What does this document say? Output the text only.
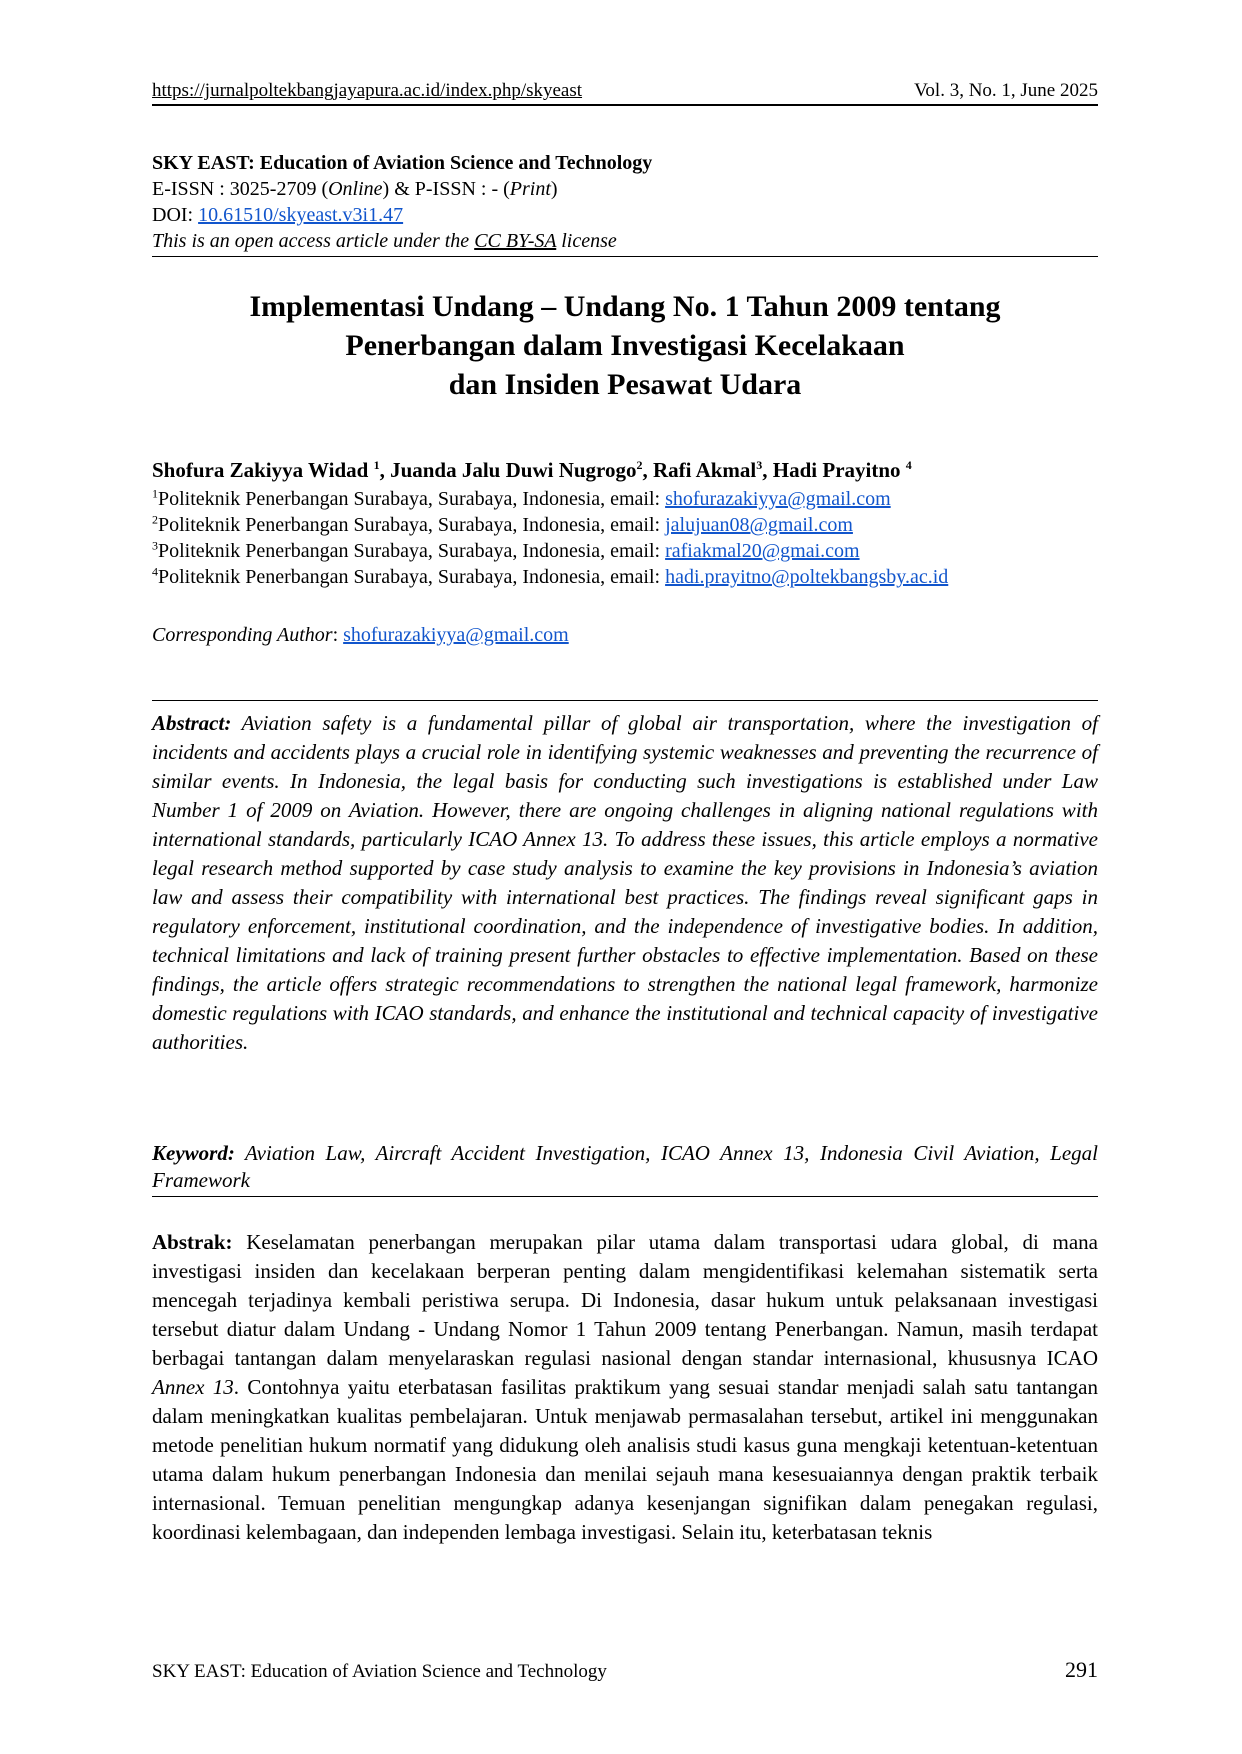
https://jurnalpoltekbangjayapura.ac.id/index.php/skyeast	Vol. 3, No. 1, June 2025
SKY EAST: Education of Aviation Science and Technology
E-ISSN : 3025-2709 (Online) & P-ISSN : - (Print)
DOI: 10.61510/skyeast.v3i1.47
This is an open access article under the CC BY-SA license
Implementasi Undang – Undang No. 1 Tahun 2009 tentang
Penerbangan dalam Investigasi Kecelakaan
dan Insiden Pesawat Udara
Shofura Zakiyya Widad $^1$, Juanda Jalu Duwi Nugrogo$^2$, Rafi Akmal$^3$, Hadi Prayitno $^4$
$^1$Politeknik Penerbangan Surabaya, Surabaya, Indonesia, email: shofurazakiyya@gmail.com
$^2$Politeknik Penerbangan Surabaya, Surabaya, Indonesia, email: jalujuan08@gmail.com
$^3$Politeknik Penerbangan Surabaya, Surabaya, Indonesia, email: rafiakmal20@gmai.com
$^4$Politeknik Penerbangan Surabaya, Surabaya, Indonesia, email: hadi.prayitno@poltekbangsby.ac.id
Corresponding Author: shofurazakiyya@gmail.com
Abstract: Aviation safety is a fundamental pillar of global air transportation, where the investigation of incidents and accidents plays a crucial role in identifying systemic weaknesses and preventing the recurrence of similar events. In Indonesia, the legal basis for conducting such investigations is established under Law Number 1 of 2009 on Aviation. However, there are ongoing challenges in aligning national regulations with international standards, particularly ICAO Annex 13. To address these issues, this article employs a normative legal research method supported by case study analysis to examine the key provisions in Indonesia’s aviation law and assess their compatibility with international best practices. The findings reveal significant gaps in regulatory enforcement, institutional coordination, and the independence of investigative bodies. In addition, technical limitations and lack of training present further obstacles to effective implementation. Based on these findings, the article offers strategic recommendations to strengthen the national legal framework, harmonize domestic regulations with ICAO standards, and enhance the institutional and technical capacity of investigative authorities.
Keyword: Aviation Law, Aircraft Accident Investigation, ICAO Annex 13, Indonesia Civil Aviation, Legal Framework
Abstrak: Keselamatan penerbangan merupakan pilar utama dalam transportasi udara global, di mana investigasi insiden dan kecelakaan berperan penting dalam mengidentifikasi kelemahan sistematik serta mencegah terjadinya kembali peristiwa serupa. Di Indonesia, dasar hukum untuk pelaksanaan investigasi tersebut diatur dalam Undang - Undang Nomor 1 Tahun 2009 tentang Penerbangan. Namun, masih terdapat berbagai tantangan dalam menyelaraskan regulasi nasional dengan standar internasional, khususnya ICAO Annex 13. Contohnya yaitu eterbatasan fasilitas praktikum yang sesuai standar menjadi salah satu tantangan dalam meningkatkan kualitas pembelajaran. Untuk menjawab permasalahan tersebut, artikel ini menggunakan metode penelitian hukum normatif yang didukung oleh analisis studi kasus guna mengkaji ketentuan-ketentuan utama dalam hukum penerbangan Indonesia dan menilai sejauh mana kesesuaiannya dengan praktik terbaik internasional. Temuan penelitian mengungkap adanya kesenjangan signifikan dalam penegakan regulasi, koordinasi kelembagaan, dan independen lembaga investigasi. Selain itu, keterbatasan teknis
SKY EAST: Education of Aviation Science and Technology	291
